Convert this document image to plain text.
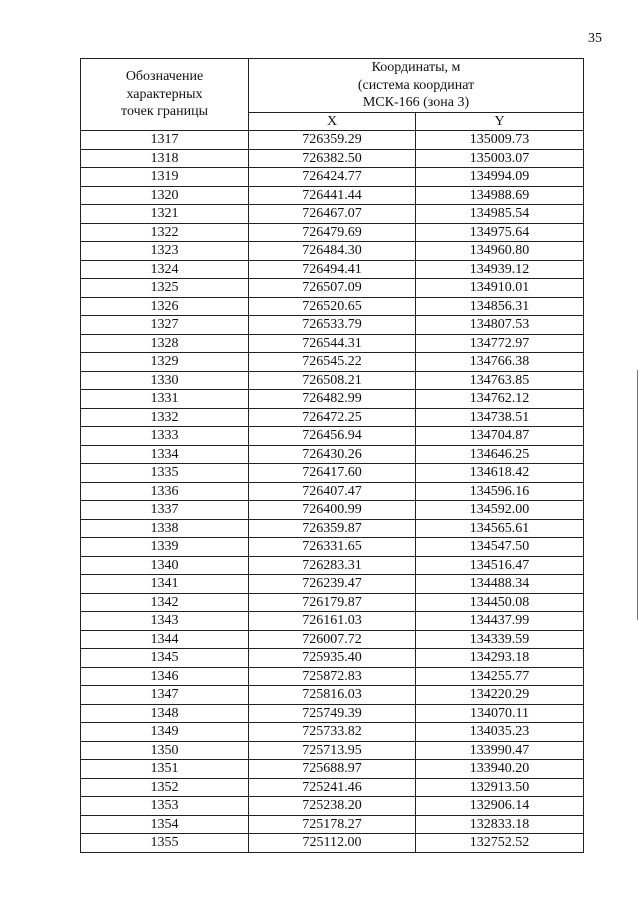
35
Обозначение
характерных
точек границы	Координаты, м
(система координат
МСК-166 (зона 3)	

	X	Y
1317	726359.29	135009.73
1318	726382.50	135003.07
1319	726424.77	134994.09
1320	726441.44	134988.69
1321	726467.07	134985.54
1322	726479.69	134975.64
1323	726484.30	134960.80
1324	726494.41	134939.12
1325	726507.09	134910.01
1326	726520.65	134856.31
1327	726533.79	134807.53
1328	726544.31	134772.97
1329	726545.22	134766.38
1330	726508.21	134763.85
1331	726482.99	134762.12
1332	726472.25	134738.51
1333	726456.94	134704.87
1334	726430.26	134646.25
1335	726417.60	134618.42
1336	726407.47	134596.16
1337	726400.99	134592.00
1338	726359.87	134565.61
1339	726331.65	134547.50
1340	726283.31	134516.47
1341	726239.47	134488.34
1342	726179.87	134450.08
1343	726161.03	134437.99
1344	726007.72	134339.59
1345	725935.40	134293.18
1346	725872.83	134255.77
1347	725816.03	134220.29
1348	725749.39	134070.11
1349	725733.82	134035.23
1350	725713.95	133990.47
1351	725688.97	133940.20
1352	725241.46	132913.50
1353	725238.20	132906.14
1354	725178.27	132833.18
1355	725112.00	132752.52
